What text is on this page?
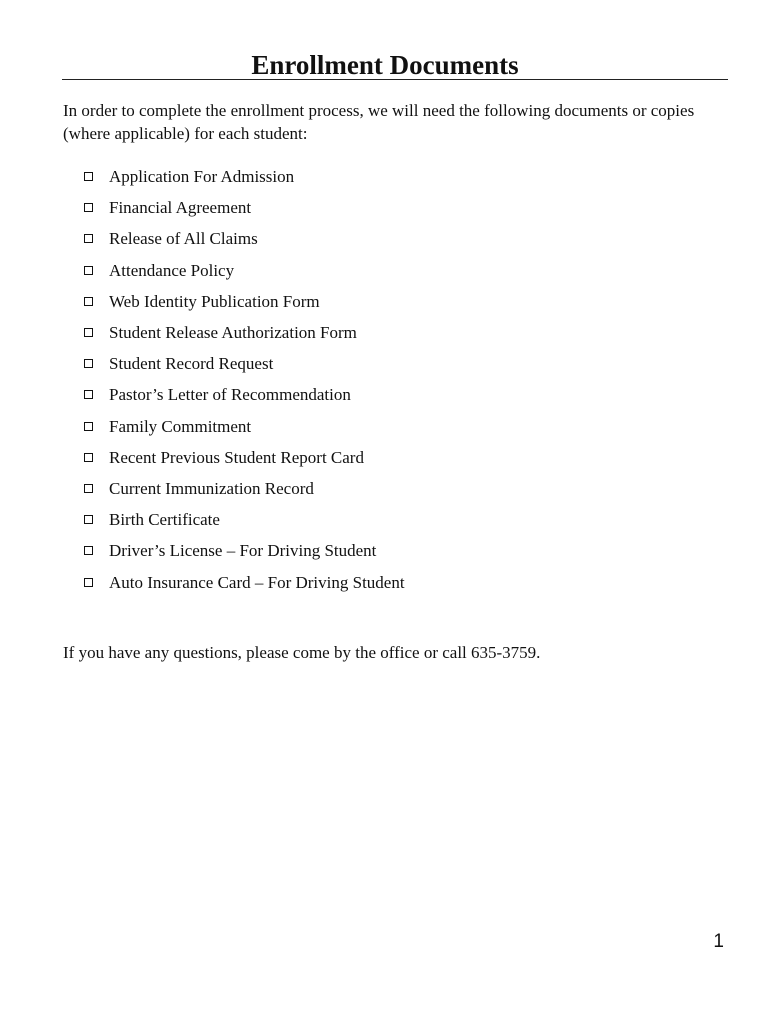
Enrollment Documents

In order to complete the enrollment process, we will need the following documents or copies (where applicable) for each student:

Application For Admission
Financial Agreement
Release of All Claims
Attendance Policy
Web Identity Publication Form
Student Release Authorization Form
Student Record Request
Pastor’s Letter of Recommendation
Family Commitment
Recent Previous Student Report Card
Current Immunization Record
Birth Certificate
Driver’s License – For Driving Student
Auto Insurance Card – For Driving Student

If you have any questions, please come by the office or call 635-3759.

1
